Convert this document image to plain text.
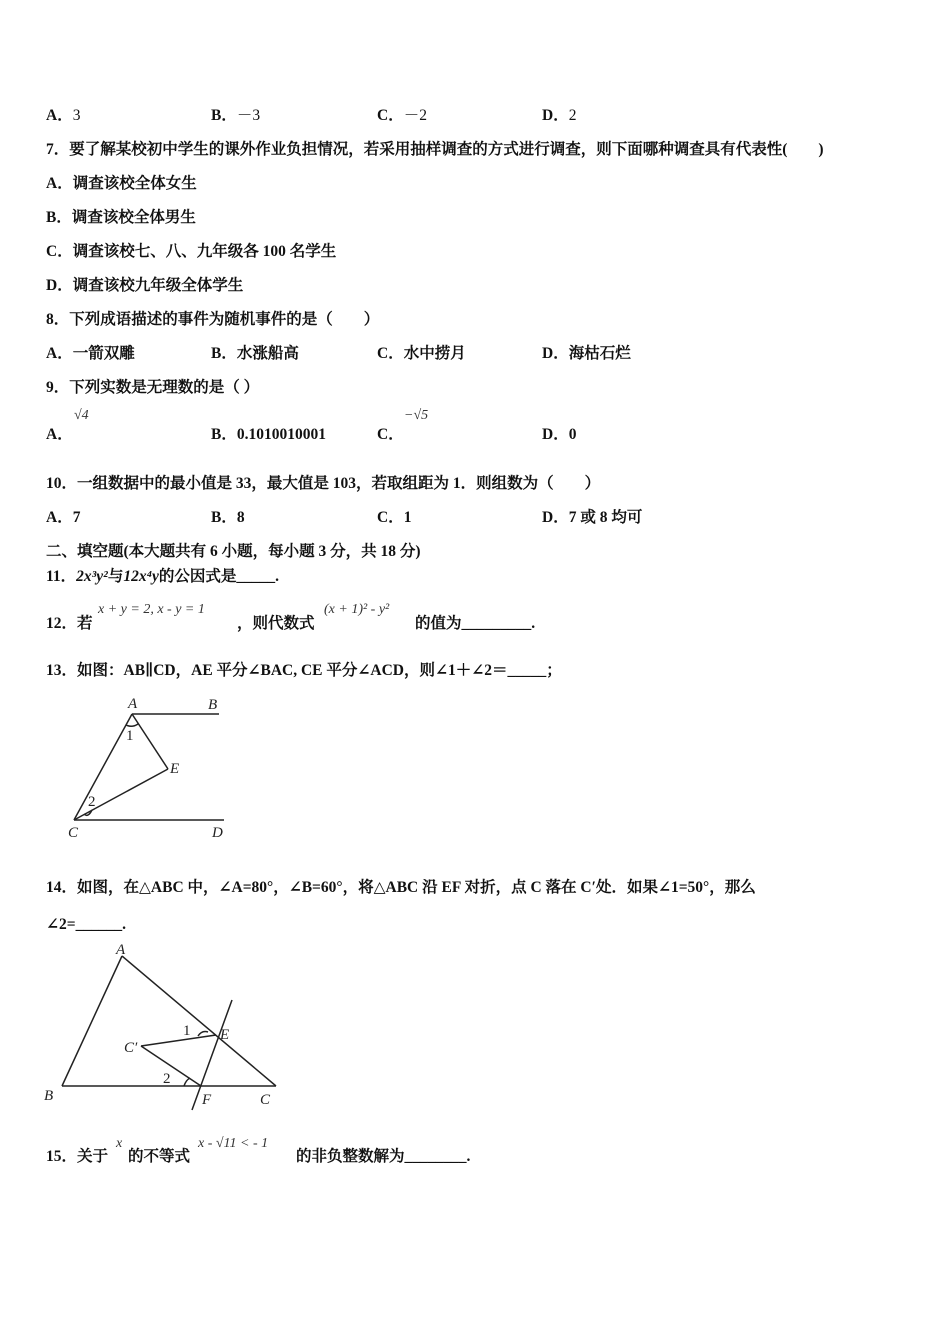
A．3	B．－3	C．－2	D．2
7．要了解某校初中学生的课外作业负担情况，若采用抽样调查的方式进行调查，则下面哪种调查具有代表性(　　)
A．调查该校全体女生
B．调查该校全体男生
C．调查该校七、八、九年级各 100 名学生
D．调查该校九年级全体学生
8．下列成语描述的事件为随机事件的是（　　）
A．一箭双雕	B．水涨船高	C．水中捞月	D．海枯石烂
9．下列实数是无理数的是（ ）
A．
√4
B．0.1010010001	C．
−√5
D．0
10．一组数据中的最小值是 33，最大值是 103，若取组距为 1．则组数为（　　）
A．7	B．8	C．1	D．7 或 8 均可
二、填空题(本大题共有 6 小题，每小题 3 分，共 18 分)
11．2x³y²与12x⁴y的公因式是_____.
12．若
x + y = 2, x - y = 1
，则代数式
(x + 1)² - y²
的值为_________.
13．如图：AB∥CD，AE 平分∠BAC, CE 平分∠ACD，则∠1＋∠2＝_____；
A	B
1
E
2
C	D
14．如图，在△ABC 中，∠A=80°，∠B=60°，将△ABC 沿 EF 对折，点 C 落在 C′处．如果∠1=50°，那么
∠2=______.
A
1 E
C′
2
B	F	C
15．关于
x
的不等式
x - √11 < - 1
的非负整数解为________.
